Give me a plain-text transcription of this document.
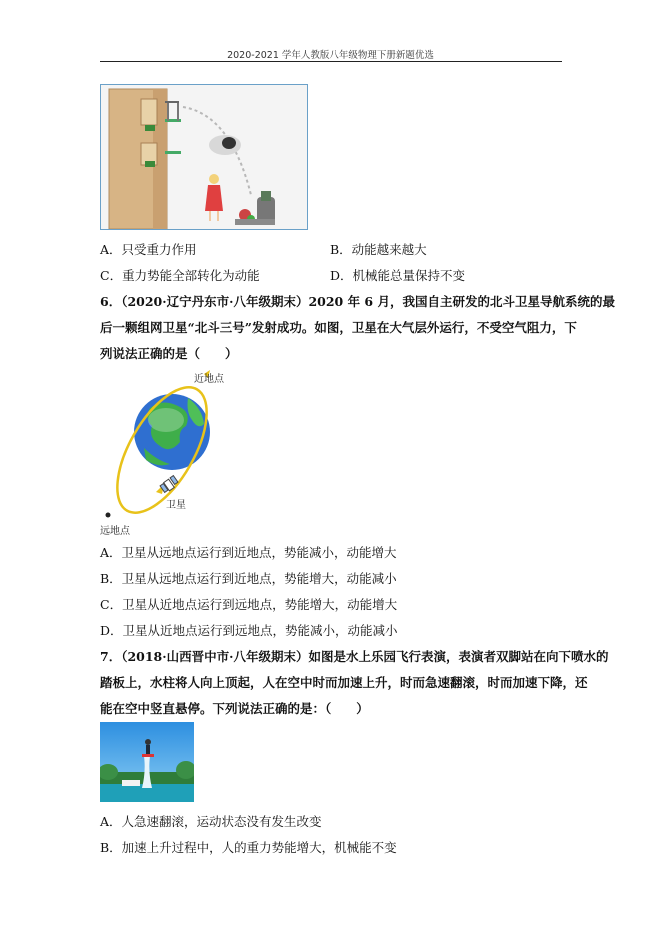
2020-2021 学年人教版八年级物理下册新题优选
A．只受重力作用	B．动能越来越大
C．重力势能全部转化为动能	D．机械能总量保持不变
6．（2020·辽宁丹东市·八年级期末）2020 年 6 月，我国自主研发的北斗卫星导航系统的最
后一颗组网卫星“北斗三号”发射成功。如图，卫星在大气层外运行，不受空气阻力，下
列说法正确的是（　　）
近地点
卫星
远地点
A．卫星从远地点运行到近地点，势能减小，动能增大
B．卫星从远地点运行到近地点，势能增大，动能减小
C．卫星从近地点运行到远地点，势能增大，动能增大
D．卫星从近地点运行到远地点，势能减小，动能减小
7．（2018·山西晋中市·八年级期末）如图是水上乐园飞行表演，表演者双脚站在向下喷水的
踏板上，水柱将人向上顶起，人在空中时而加速上升，时而急速翻滚，时而加速下降，还
能在空中竖直悬停。下列说法正确的是：（　　）
A．人急速翻滚，运动状态没有发生改变
B．加速上升过程中，人的重力势能增大，机械能不变
